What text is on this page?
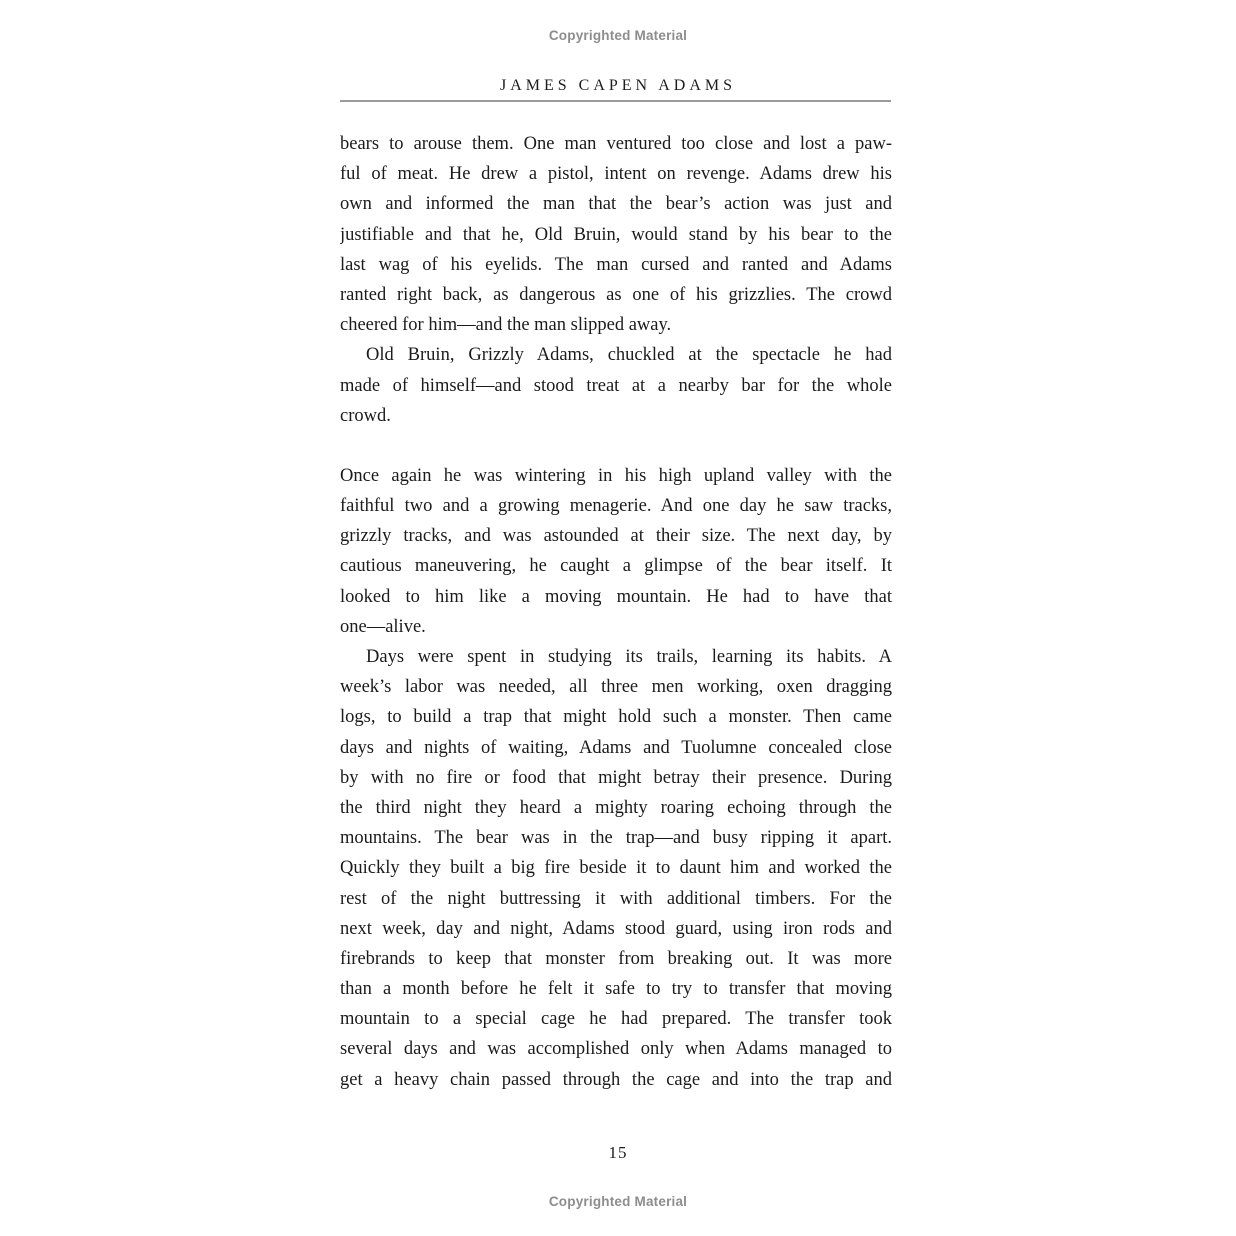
Copyrighted Material
JAMES CAPEN ADAMS
bears to arouse them. One man ventured too close and lost a paw-
ful of meat. He drew a pistol, intent on revenge. Adams drew his
own and informed the man that the bear’s action was just and
justifiable and that he, Old Bruin, would stand by his bear to the
last wag of his eyelids. The man cursed and ranted and Adams
ranted right back, as dangerous as one of his grizzlies. The crowd
cheered for him—and the man slipped away.
Old Bruin, Grizzly Adams, chuckled at the spectacle he had
made of himself—and stood treat at a nearby bar for the whole
crowd.
Once again he was wintering in his high upland valley with the
faithful two and a growing menagerie. And one day he saw tracks,
grizzly tracks, and was astounded at their size. The next day, by
cautious maneuvering, he caught a glimpse of the bear itself. It
looked to him like a moving mountain. He had to have that
one—alive.
Days were spent in studying its trails, learning its habits. A
week’s labor was needed, all three men working, oxen dragging
logs, to build a trap that might hold such a monster. Then came
days and nights of waiting, Adams and Tuolumne concealed close
by with no fire or food that might betray their presence. During
the third night they heard a mighty roaring echoing through the
mountains. The bear was in the trap—and busy ripping it apart.
Quickly they built a big fire beside it to daunt him and worked the
rest of the night buttressing it with additional timbers. For the
next week, day and night, Adams stood guard, using iron rods and
firebrands to keep that monster from breaking out. It was more
than a month before he felt it safe to try to transfer that moving
mountain to a special cage he had prepared. The transfer took
several days and was accomplished only when Adams managed to
get a heavy chain passed through the cage and into the trap and
15
Copyrighted Material
